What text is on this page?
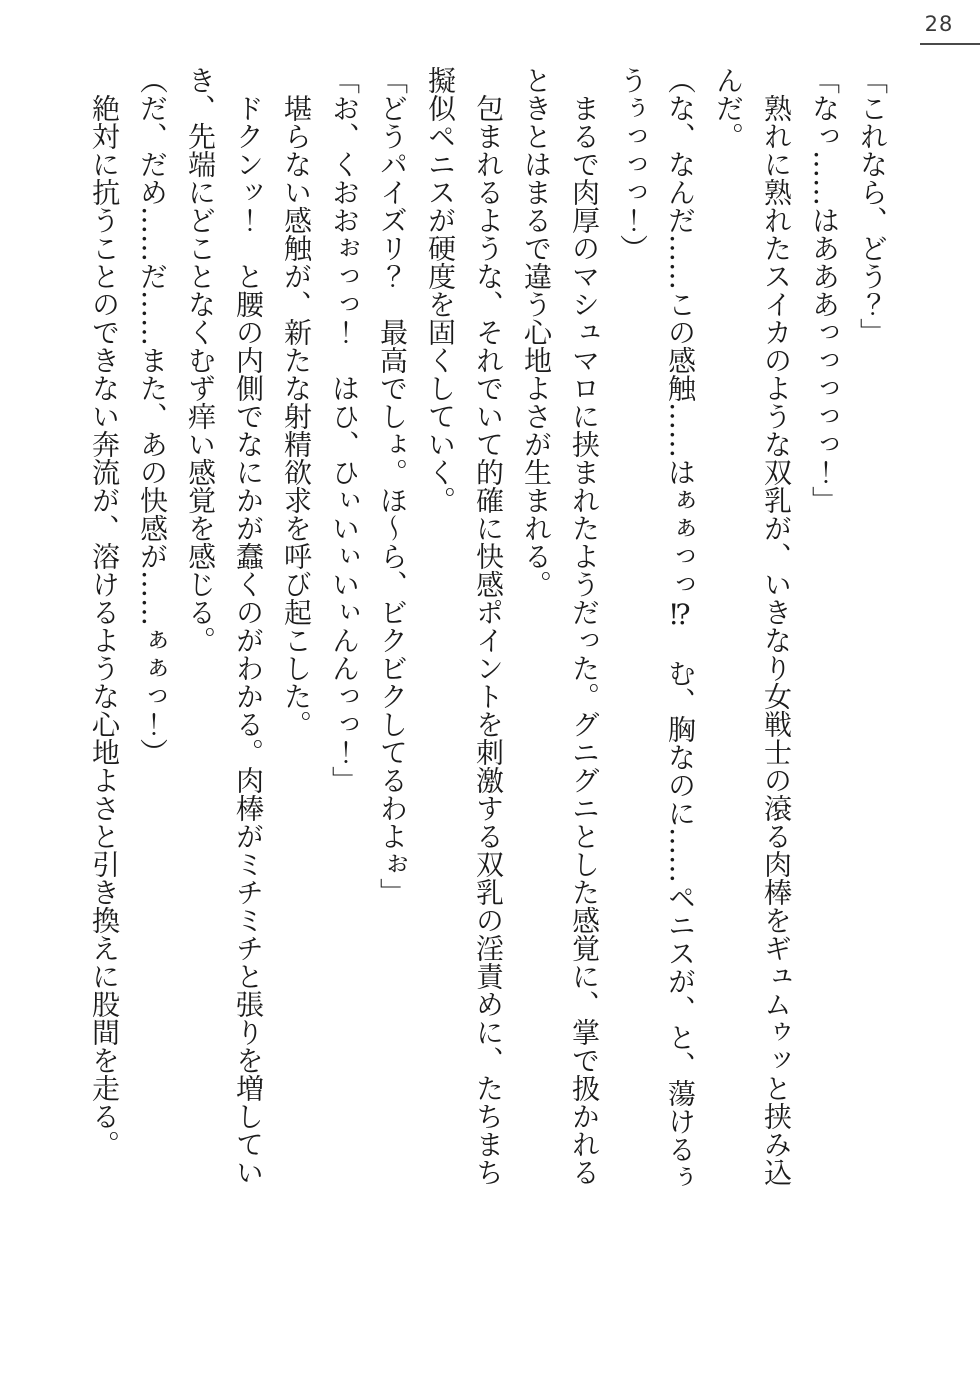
28
「これなら、どう？」
「なっ……はあああっっっっっ！」
　熟れに熟れたスイカのような双乳が、いきなり女戦士の滾る肉棒をギュムゥッと挟み込
んだ。
（な、なんだ……この感触……はぁぁっっ⁉　む、胸なのに……ペニスが、と、蕩けるぅ
うぅっっっ！）
　まるで肉厚のマシュマロに挟まれたようだった。グニグニとした感覚に、掌で扱かれる
ときとはまるで違う心地よさが生まれる。
　包まれるような、それでいて的確に快感ポイントを刺激する双乳の淫責めに、たちまち
擬似ペニスが硬度を固くしていく。
「どうパイズリ？　最高でしょ。ほ～ら、ビクビクしてるわよぉ」
「お、くおおぉっっ！　はひ、ひぃいぃいぃんんっっ！」
　堪らない感触が、新たな射精欲求を呼び起こした。
　ドクンッ！　と腰の内側でなにかが蠢くのがわかる。肉棒がミチミチと張りを増してい
き、先端にどことなくむず痒い感覚を感じる。
（だ、だめ……だ……また、あの快感が……ぁぁっ！）
　絶対に抗うことのできない奔流が、溶けるような心地よさと引き換えに股間を走る。
